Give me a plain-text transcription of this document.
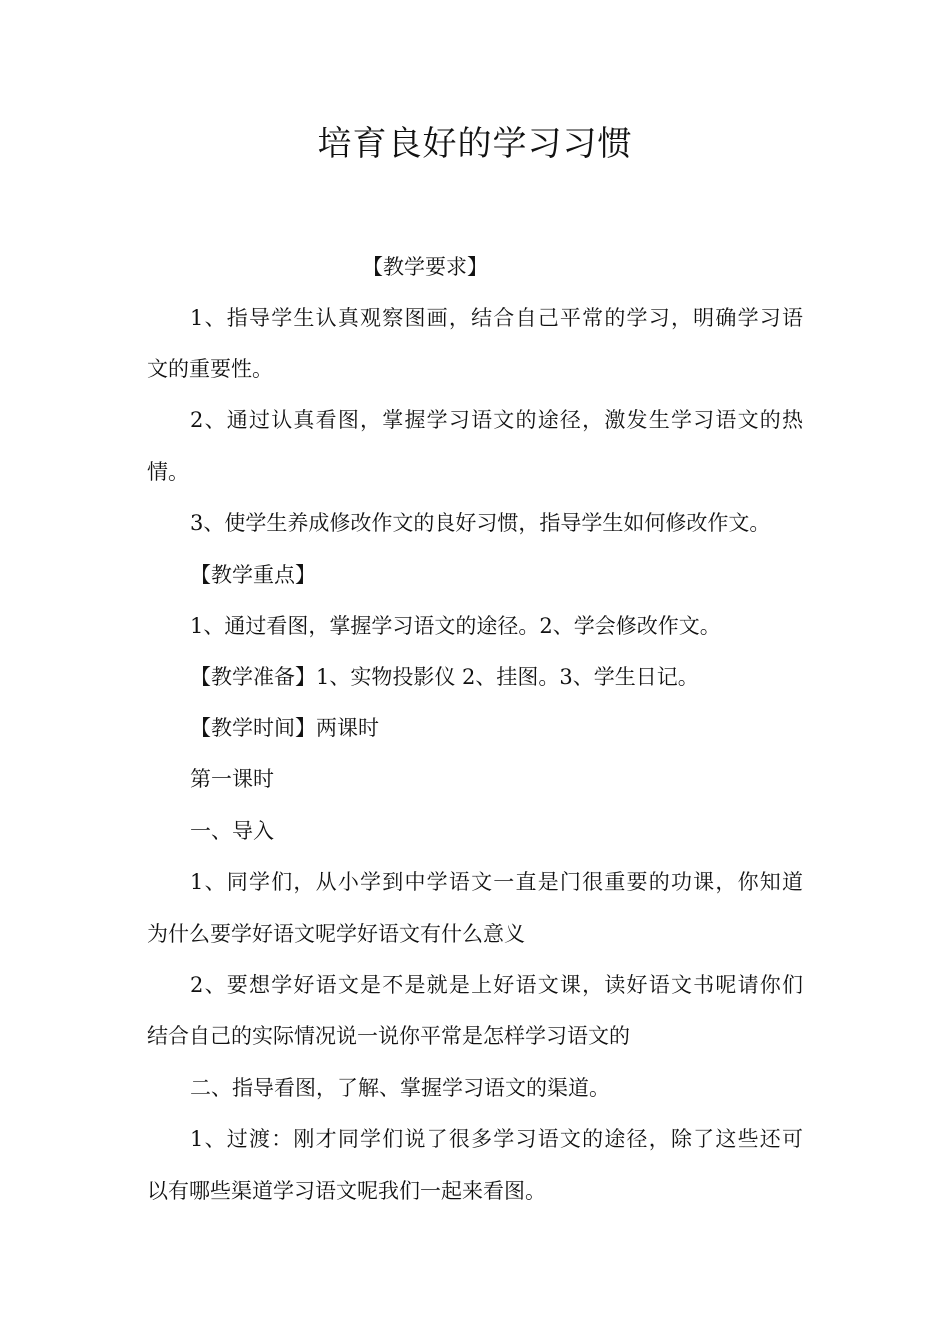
培育良好的学习习惯
【教学要求】
1、指导学生认真观察图画，结合自己平常的学习，明确学习语
文的重要性。
2、通过认真看图，掌握学习语文的途径，激发生学习语文的热
情。
3、使学生养成修改作文的良好习惯，指导学生如何修改作文。
【教学重点】
1、通过看图，掌握学习语文的途径。2、学会修改作文。
【教学准备】1、实物投影仪 2、挂图。3、学生日记。
【教学时间】两课时
第一课时
一、导入
1、同学们，从小学到中学语文一直是门很重要的功课，你知道
为什么要学好语文呢学好语文有什么意义
2、要想学好语文是不是就是上好语文课，读好语文书呢请你们
结合自己的实际情况说一说你平常是怎样学习语文的
二、指导看图，了解、掌握学习语文的渠道。
1、过渡：刚才同学们说了很多学习语文的途径，除了这些还可
以有哪些渠道学习语文呢我们一起来看图。
